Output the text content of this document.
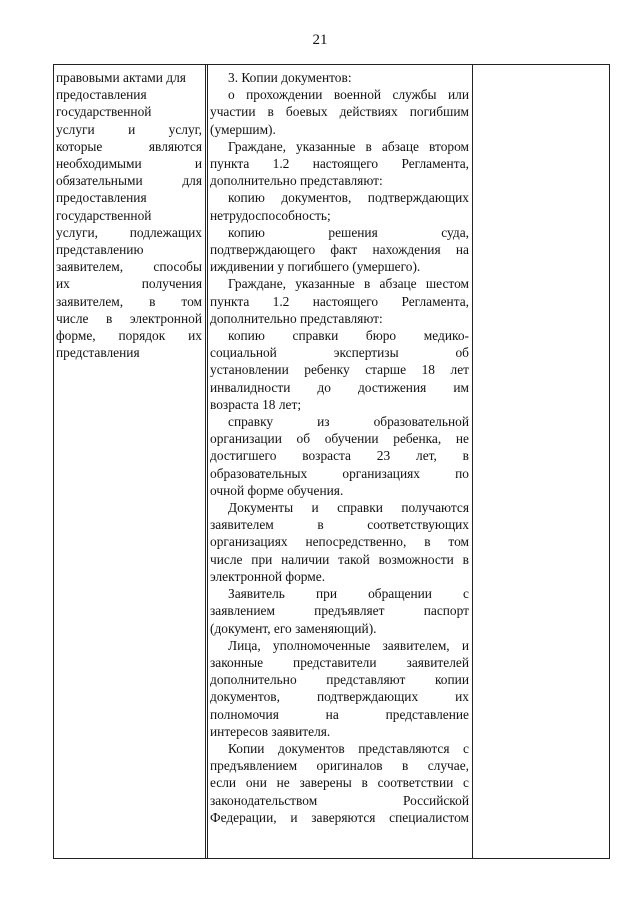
21
правовыми актами для
предоставления
государственной
услуги и услуг,
которые являются
необходимыми и
обязательными для
предоставления
государственной
услуги, подлежащих
представлению
заявителем, способы
их получения
заявителем, в том
числе в электронной
форме, порядок их
представления
3. Копии документов:
о прохождении военной службы или
участии в боевых действиях погибшим
(умершим).
Граждане, указанные в абзаце втором
пункта 1.2 настоящего Регламента,
дополнительно представляют:
копию документов, подтверждающих
нетрудоспособность;
копию решения суда,
подтверждающего факт нахождения на
иждивении у погибшего (умершего).
Граждане, указанные в абзаце шестом
пункта 1.2 настоящего Регламента,
дополнительно представляют:
копию справки бюро медико-
социальной экспертизы об
установлении ребенку старше 18 лет
инвалидности до достижения им
возраста 18 лет;
справку из образовательной
организации об обучении ребенка, не
достигшего возраста 23 лет, в
образовательных организациях по
очной форме обучения.
Документы и справки получаются
заявителем в соответствующих
организациях непосредственно, в том
числе при наличии такой возможности в
электронной форме.
Заявитель при обращении с
заявлением предъявляет паспорт
(документ, его заменяющий).
Лица, уполномоченные заявителем, и
законные представители заявителей
дополнительно представляют копии
документов, подтверждающих их
полномочия на представление
интересов заявителя.
Копии документов представляются с
предъявлением оригиналов в случае,
если они не заверены в соответствии с
законодательством Российской
Федерации, и заверяются специалистом
